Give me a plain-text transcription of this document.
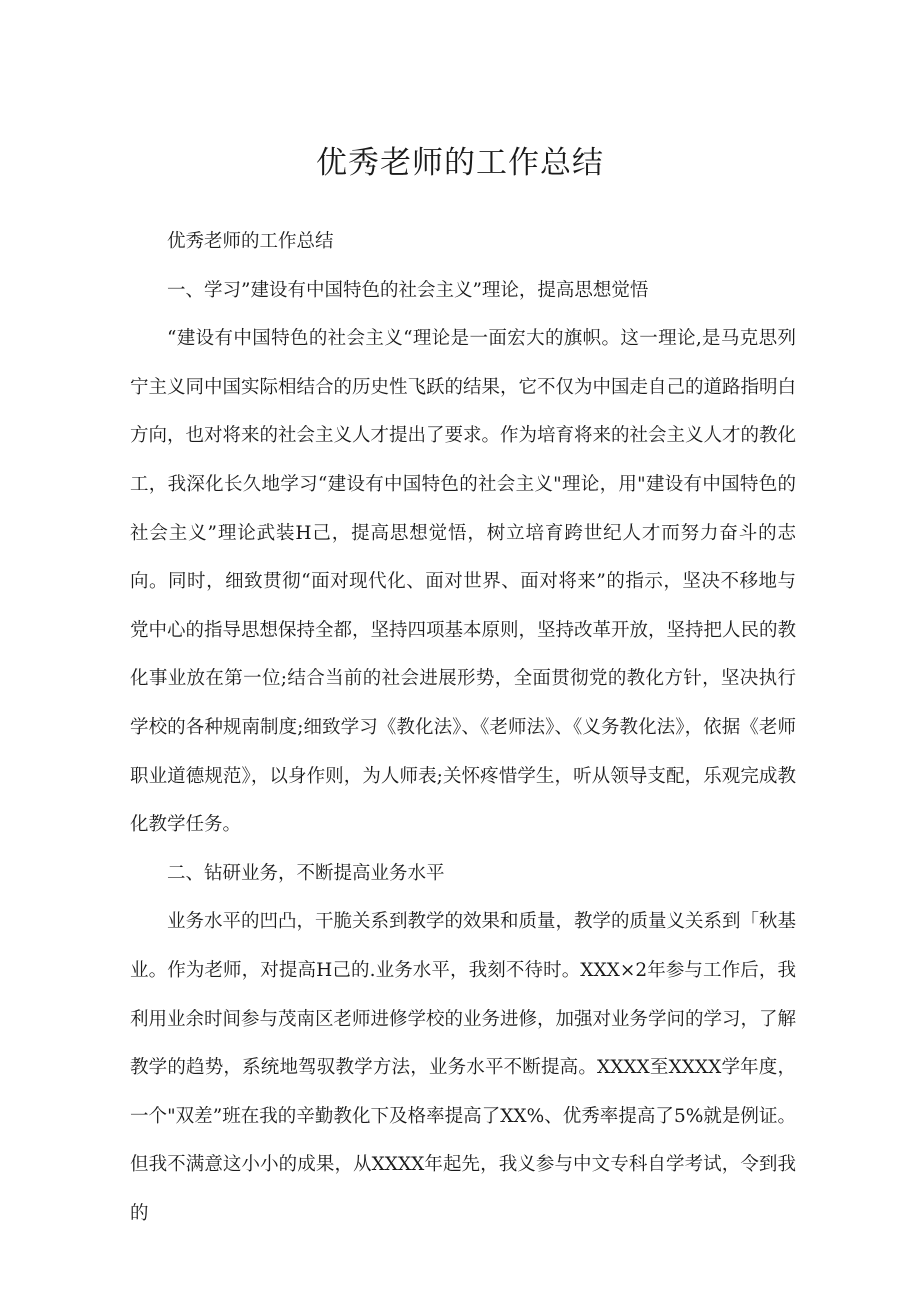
优秀老师的工作总结

优秀老师的工作总结

一、学习”建设有中国特色的社会主义”理论，提高思想觉悟

“建设有中国特色的社会主义“理论是一面宏大的旗帜。这一理论,是马克思列宁主义同中国实际相结合的历史性飞跃的结果，它不仅为中国走自己的道路指明白方向，也对将来的社会主义人才提出了要求。作为培育将来的社会主义人才的教化工，我深化长久地学习“建设有中国特色的社会主义"理论，用"建设有中国特色的社会主义”理论武装H己，提高思想觉悟，树立培育跨世纪人才而努力奋斗的志向。同时，细致贯彻“面对现代化、面对世界、面对将来”的指示，坚决不移地与党中心的指导思想保持全都，坚持四项基本原则，坚持改革开放，坚持把人民的教化事业放在第一位;结合当前的社会进展形势，全面贯彻党的教化方针，坚决执行学校的各种规南制度;细致学习《教化法》、《老师法》、《义务教化法》，依据《老师职业道德规范》，以身作则，为人师表;关怀疼惜学生，听从领导支配，乐观完成教化教学任务。

二、钻研业务，不断提高业务水平

业务水平的凹凸，干脆关系到教学的效果和质量，教学的质量义关系到「秋基业。作为老师，对提高H己的.业务水平，我刻不待时。XXX×2年参与工作后，我利用业余时间参与茂南区老师进修学校的业务进修，加强对业务学问的学习，了解教学的趋势，系统地驾驭教学方法，业务水平不断提高。XXXX至XXXX学年度，一个"双差”班在我的辛勤教化下及格率提高了XX%、优秀率提高了5%就是例证。但我不满意这小小的成果，从XXXX年起先，我义参与中文专科自学考试，令到我的
